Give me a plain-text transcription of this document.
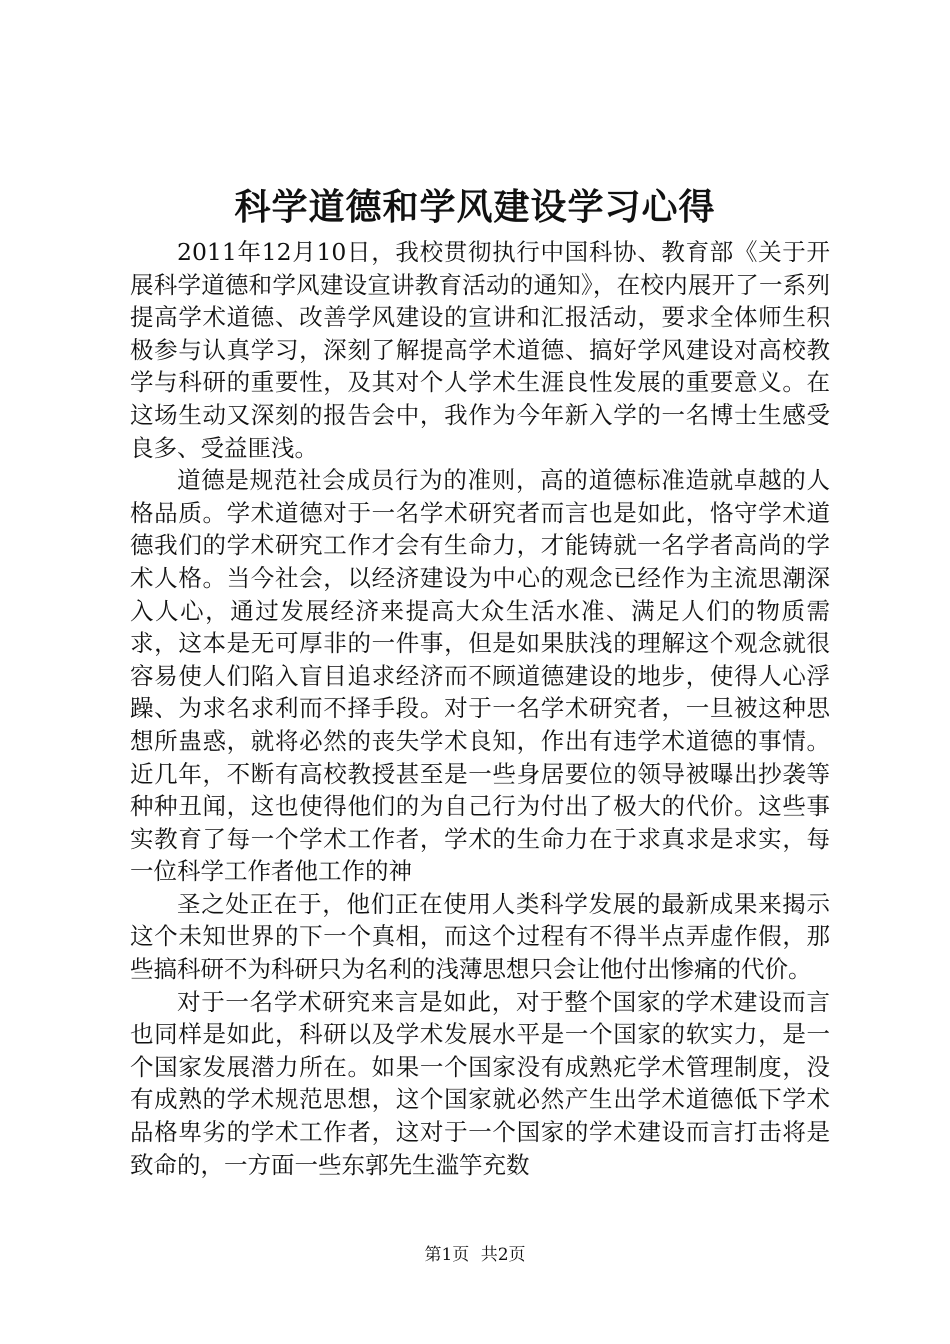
科学道德和学风建设学习心得

2011年12月10日，我校贯彻执行中国科协、教育部《关于开展科学道德和学风建设宣讲教育活动的通知》，在校内展开了一系列提高学术道德、改善学风建设的宣讲和汇报活动，要求全体师生积极参与认真学习，深刻了解提高学术道德、搞好学风建设对高校教学与科研的重要性，及其对个人学术生涯良性发展的重要意义。在这场生动又深刻的报告会中，我作为今年新入学的一名博士生感受良多、受益匪浅。

道德是规范社会成员行为的准则，高的道德标准造就卓越的人格品质。学术道德对于一名学术研究者而言也是如此，恪守学术道德我们的学术研究工作才会有生命力，才能铸就一名学者高尚的学术人格。当今社会，以经济建设为中心的观念已经作为主流思潮深入人心，通过发展经济来提高大众生活水准、满足人们的物质需求，这本是无可厚非的一件事，但是如果肤浅的理解这个观念就很容易使人们陷入盲目追求经济而不顾道德建设的地步，使得人心浮躁、为求名求利而不择手段。对于一名学术研究者，一旦被这种思想所蛊惑，就将必然的丧失学术良知，作出有违学术道德的事情。近几年，不断有高校教授甚至是一些身居要位的领导被曝出抄袭等种种丑闻，这也使得他们的为自己行为付出了极大的代价。这些事实教育了每一个学术工作者，学术的生命力在于求真求是求实，每一位科学工作者他工作的神

圣之处正在于，他们正在使用人类科学发展的最新成果来揭示这个未知世界的下一个真相，而这个过程有不得半点弄虚作假，那些搞科研不为科研只为名利的浅薄思想只会让他付出惨痛的代价。

对于一名学术研究来言是如此，对于整个国家的学术建设而言也同样是如此，科研以及学术发展水平是一个国家的软实力，是一个国家发展潜力所在。如果一个国家没有成熟疕学术管理制度，没有成熟的学术规范思想，这个国家就必然产生出学术道德低下学术品格卑劣的学术工作者，这对于一个国家的学术建设而言打击将是致命的，一方面一些东郭先生滥竽充数

第1页 共2页
